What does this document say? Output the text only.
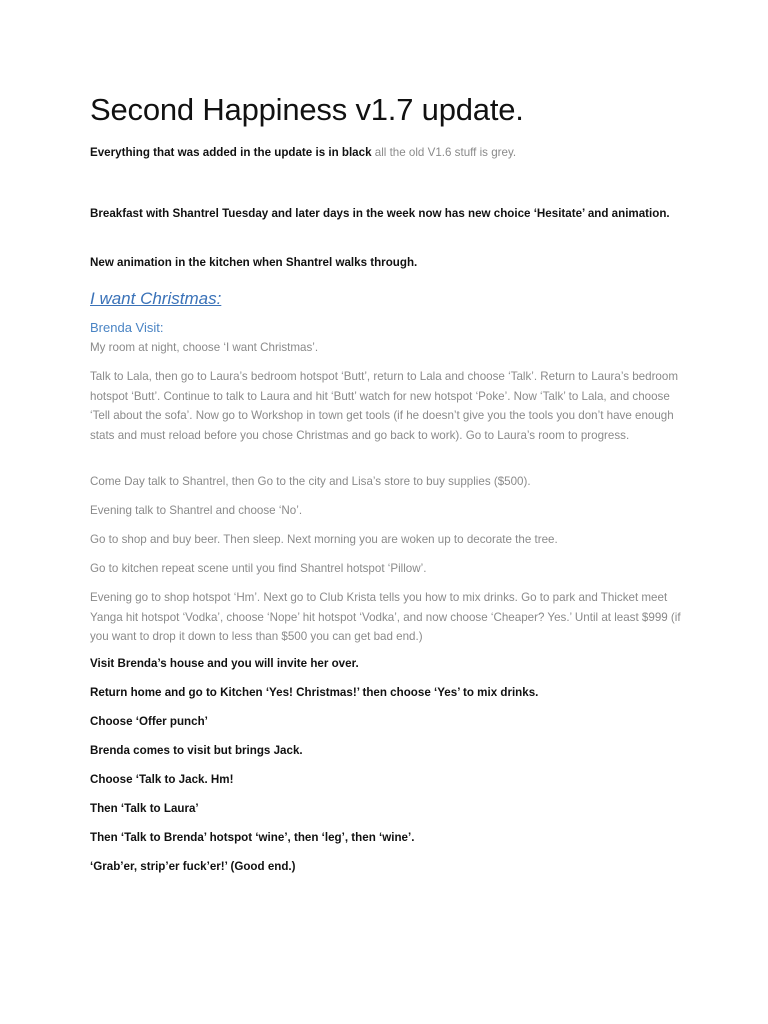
Second Happiness v1.7 update.
Everything that was added in the update is in black all the old V1.6 stuff is grey.

Breakfast with Shantrel Tuesday and later days in the week now has new choice ‘Hesitate’ and animation.

New animation in the kitchen when Shantrel walks through.

I want Christmas:
Brenda Visit:

My room at night, choose ‘I want Christmas’.

Talk to Lala, then go to Laura’s bedroom hotspot ‘Butt’, return to Lala and choose ‘Talk’. Return to Laura’s bedroom hotspot ‘Butt’. Continue to talk to Laura and hit ‘Butt’ watch for new hotspot ‘Poke’. Now ‘Talk’ to Lala, and choose ‘Tell about the sofa’. Now go to Workshop in town get tools (if he doesn’t give you the tools you don’t have enough stats and must reload before you chose Christmas and go back to work). Go to Laura’s room to progress.

Come Day talk to Shantrel, then Go to the city and Lisa’s store to buy supplies ($500).

Evening talk to Shantrel and choose ‘No’.

Go to shop and buy beer. Then sleep. Next morning you are woken up to decorate the tree.

Go to kitchen repeat scene until you find Shantrel hotspot ‘Pillow’.

Evening go to shop hotspot ‘Hm’. Next go to Club Krista tells you how to mix drinks. Go to park and Thicket meet Yanga hit hotspot ‘Vodka’, choose ‘Nope’ hit hotspot ‘Vodka’, and now choose ‘Cheaper? Yes.’ Until at least $999 (if you want to drop it down to less than $500 you can get bad end.)

Visit Brenda’s house and you will invite her over.

Return home and go to Kitchen ‘Yes! Christmas!’ then choose ‘Yes’ to mix drinks.

Choose ‘Offer punch’

Brenda comes to visit but brings Jack.

Choose ‘Talk to Jack. Hm!

Then ‘Talk to Laura’

Then ‘Talk to Brenda’ hotspot ‘wine’, then ‘leg’, then ‘wine’.

‘Grab’er, strip’er fuck’er!’ (Good end.)
